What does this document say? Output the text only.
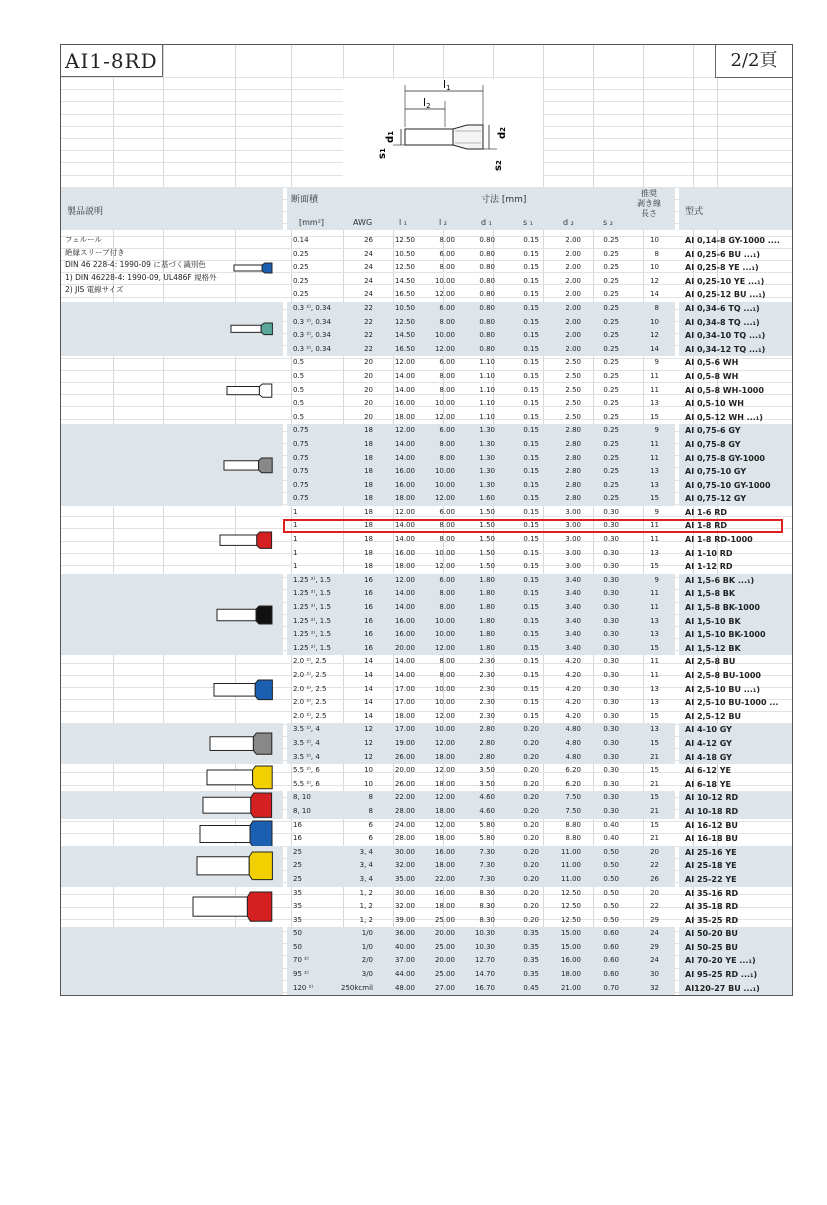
AI1-8RD	2/2頁
l1
l2
d1
s1
d2
s2
製品説明
断面積	寸法 [mm]
推奨
剥き線
長さ	型式
[mm²]	AWG	l ₁	l ₂	d ₁	s ₁	d ₂	s ₂
0.14	26	12.50	8.00	0.80	0.15	2.00	0.25	10	AI 0,14-8 GY-1000 ....
0.25	24	10.50	6.00	0.80	0.15	2.00	0.25	8	AI 0,25-6 BU ...₁)
0.25	24	12.50	8.00	0.80	0.15	2.00	0.25	10	AI 0,25-8 YE ...₁)
0.25	24	14.50	10.00	0.80	0.15	2.00	0.25	12	AI 0,25-10 YE ...₁)
0.25	24	16.50	12.00	0.80	0.15	2.00	0.25	14	AI 0,25-12 BU ...₁)
フェルール
絶縁スリーブ付き
DIN 46 228-4: 1990-09 に基づく識別色
1) DIN 46228-4: 1990-09, UL486F 規格外
2) JIS 電線サイズ
0.3 ²⁾, 0.34	22	10.50	6.00	0.80	0.15	2.00	0.25	8	AI 0,34-6 TQ ...₁)
0.3 ²⁾, 0.34	22	12.50	8.00	0.80	0.15	2.00	0.25	10	AI 0,34-8 TQ ...₁)
0.3 ²⁾, 0.34	22	14.50	10.00	0.80	0.15	2.00	0.25	12	AI 0,34-10 TQ ...₁)
0.3 ²⁾, 0.34	22	16.50	12.00	0.80	0.15	2.00	0.25	14	AI 0,34-12 TQ ...₁)
0.5	20	12.00	6.00	1.10	0.15	2.50	0.25	9	AI 0,5-6 WH
0.5	20	14.00	8.00	1.10	0.15	2.50	0.25	11	AI 0,5-8 WH
0.5	20	14.00	8.00	1.10	0.15	2.50	0.25	11	AI 0,5-8 WH-1000
0.5	20	16.00	10.00	1.10	0.15	2.50	0.25	13	AI 0,5-10 WH
0.5	20	18.00	12.00	1.10	0.15	2.50	0.25	15	AI 0,5-12 WH ...₁)
0.75	18	12.00	6.00	1.30	0.15	2.80	0.25	9	AI 0,75-6 GY
0.75	18	14.00	8.00	1.30	0.15	2.80	0.25	11	AI 0,75-8 GY
0.75	18	14.00	8.00	1.30	0.15	2.80	0.25	11	AI 0,75-8 GY-1000
0.75	18	16.00	10.00	1.30	0.15	2.80	0.25	13	AI 0,75-10 GY
0.75	18	16.00	10.00	1.30	0.15	2.80	0.25	13	AI 0,75-10 GY-1000
0.75	18	18.00	12.00	1.60	0.15	2.80	0.25	15	AI 0,75-12 GY
1	18	12.00	6.00	1.50	0.15	3.00	0.30	9	AI 1-6 RD
1	18	14.00	8.00	1.50	0.15	3.00	0.30	11	AI 1-8 RD
1	18	14.00	8.00	1.50	0.15	3.00	0.30	11	AI 1-8 RD-1000
1	18	16.00	10.00	1.50	0.15	3.00	0.30	13	AI 1-10 RD
1	18	18.00	12.00	1.50	0.15	3.00	0.30	15	AI 1-12 RD
1.25 ²⁾, 1.5	16	12.00	6.00	1.80	0.15	3.40	0.30	9	AI 1,5-6 BK ...₁)
1.25 ²⁾, 1.5	16	14.00	8.00	1.80	0.15	3.40	0.30	11	AI 1,5-8 BK
1.25 ²⁾, 1.5	16	14.00	8.00	1.80	0.15	3.40	0.30	11	AI 1,5-8 BK-1000
1.25 ²⁾, 1.5	16	16.00	10.00	1.80	0.15	3.40	0.30	13	AI 1,5-10 BK
1.25 ²⁾, 1.5	16	16.00	10.00	1.80	0.15	3.40	0.30	13	AI 1,5-10 BK-1000
1.25 ²⁾, 1.5	16	20.00	12.00	1.80	0.15	3.40	0.30	15	AI 1,5-12 BK
2.0 ²⁾, 2.5	14	14.00	8.00	2.30	0.15	4.20	0.30	11	AI 2,5-8 BU
2.0 ²⁾, 2.5	14	14.00	8.00	2.30	0.15	4.20	0.30	11	AI 2,5-8 BU-1000
2.0 ²⁾, 2.5	14	17.00	10.00	2.30	0.15	4.20	0.30	13	AI 2,5-10 BU ...₁)
2.0 ²⁾, 2.5	14	17.00	10.00	2.30	0.15	4.20	0.30	13	AI 2,5-10 BU-1000 ...
2.0 ²⁾, 2.5	14	18.00	12.00	2.30	0.15	4.20	0.30	15	AI 2,5-12 BU
3.5 ²⁾, 4	12	17.00	10.00	2.80	0.20	4.80	0.30	13	AI 4-10 GY
3.5 ²⁾, 4	12	19.00	12.00	2.80	0.20	4.80	0.30	15	AI 4-12 GY
3.5 ²⁾, 4	12	26.00	18.00	2.80	0.20	4.80	0.30	21	AI 4-18 GY
5.5 ²⁾, 6	10	20.00	12.00	3.50	0.20	6.20	0.30	15	AI 6-12 YE
5.5 ²⁾, 6	10	26.00	18.00	3.50	0.20	6.20	0.30	21	AI 6-18 YE
8, 10	8	22.00	12.00	4.60	0.20	7.50	0.30	15	AI 10-12 RD
8, 10	8	28.00	18.00	4.60	0.20	7.50	0.30	21	AI 10-18 RD
16	6	24.00	12.00	5.80	0.20	8.80	0.40	15	AI 16-12 BU
16	6	28.00	18.00	5.80	0.20	8.80	0.40	21	AI 16-18 BU
25	3, 4	30.00	16.00	7.30	0.20	11.00	0.50	20	AI 25-16 YE
25	3, 4	32.00	18.00	7.30	0.20	11.00	0.50	22	AI 25-18 YE
25	3, 4	35.00	22.00	7.30	0.20	11.00	0.50	26	AI 25-22 YE
35	1, 2	30.00	16.00	8.30	0.20	12.50	0.50	20	AI 35-16 RD
35	1, 2	32.00	18.00	8.30	0.20	12.50	0.50	22	AI 35-18 RD
35	1, 2	39.00	25.00	8.30	0.20	12.50	0.50	29	AI 35-25 RD
50	1/0	36.00	20.00	10.30	0.35	15.00	0.60	24	AI 50-20 BU
50	1/0	40.00	25.00	10.30	0.35	15.00	0.60	29	AI 50-25 BU
70 ²⁾	2/0	37.00	20.00	12.70	0.35	16.00	0.60	24	AI 70-20 YE ...₁)
95 ²⁾	3/0	44.00	25.00	14.70	0.35	18.00	0.60	30	AI 95-25 RD ...₁)
120 ²⁾	250kcmil	48.00	27.00	16.70	0.45	21.00	0.70	32	AI120-27 BU ...₁)
